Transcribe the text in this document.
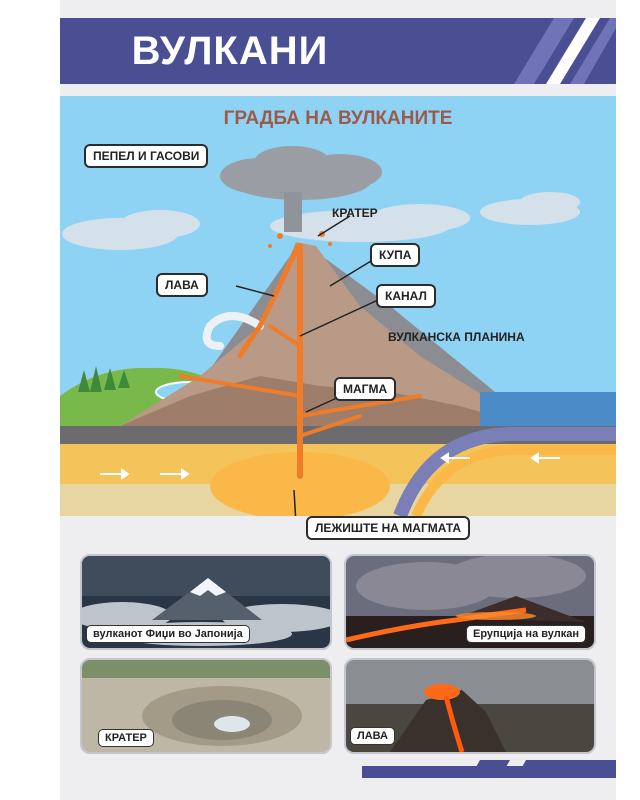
ВУЛКАНИ
ГРАДБА НА ВУЛКАНИТЕ
ПЕПЕЛ И ГАСОВИ
КРАТЕР
КУПА
ЛАВА
КАНАЛ
ВУЛКАНСКА ПЛАНИНА
МАГМА
ЛЕЖИШТЕ НА МАГМАТА
вулканот Фиџи во Јапонија	Ерупција на вулкан
КРАТЕР	ЛАВА
